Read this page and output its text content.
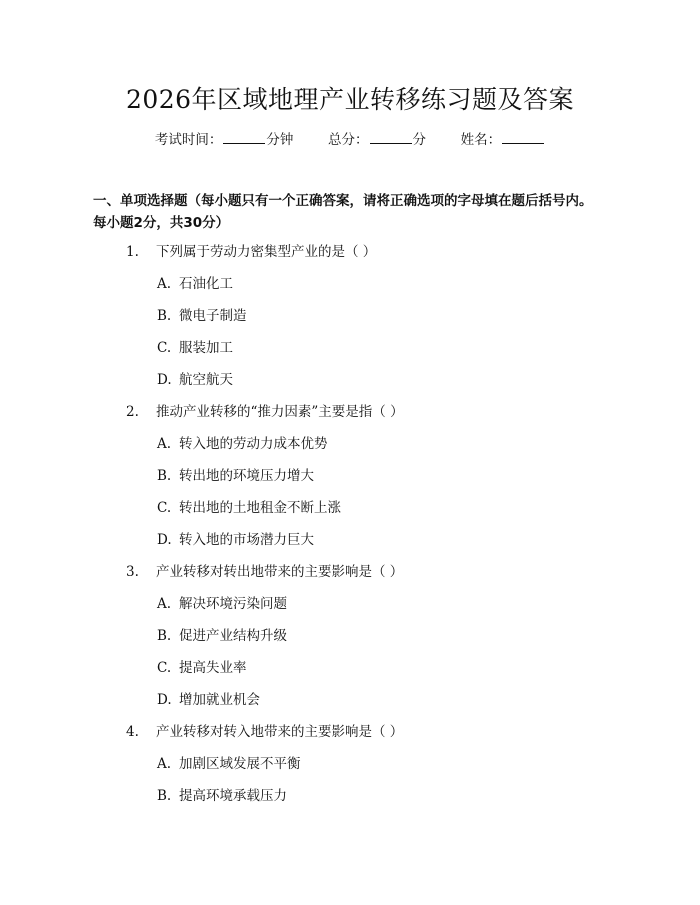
2026年区域地理产业转移练习题及答案
考试时间：	分钟	总分：	分	姓名：
一、单项选择题（每小题只有一个正确答案，请将正确选项的字母填在题后括号内。每小题2分，共30分）
1. 下列属于劳动力密集型产业的是（ ）
A. 石油化工
B. 微电子制造
C. 服装加工
D. 航空航天
2. 推动产业转移的“推力因素”主要是指（ ）
A. 转入地的劳动力成本优势
B. 转出地的环境压力增大
C. 转出地的土地租金不断上涨
D. 转入地的市场潜力巨大
3. 产业转移对转出地带来的主要影响是（ ）
A. 解决环境污染问题
B. 促进产业结构升级
C. 提高失业率
D. 增加就业机会
4. 产业转移对转入地带来的主要影响是（ ）
A. 加剧区域发展不平衡
B. 提高环境承载压力
